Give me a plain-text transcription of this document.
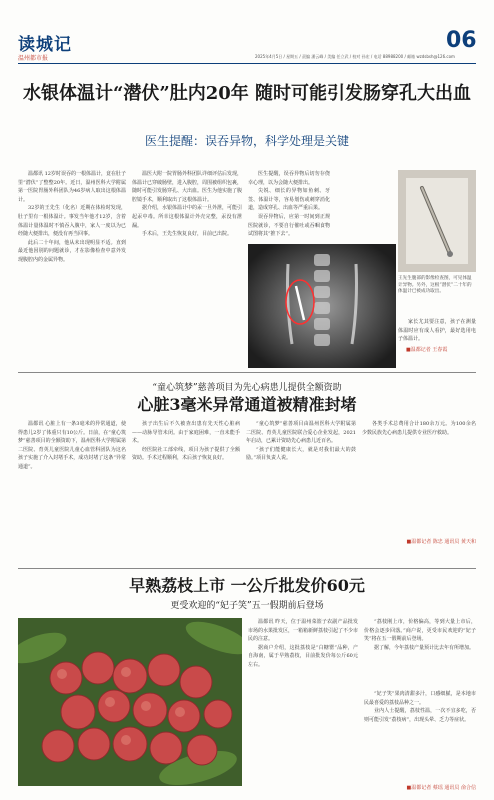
读城记
温州都市报
06
2025年4月5日 / 星期五 / 责编 潘云峰 / 美编 任立武 / 校对 孙宏 / 电话 88988200 / 邮箱 wzdsbsh@126.com
水银体温计“潜伏”肚内20年 随时可能引发肠穿孔大出血
医生提醒：误吞异物，科学处理是关键

温都讯 12岁时误吞的一根体温计，竟在肚子里“潜伏”了整整20年。近日，温州医科大学附属第一医院胃肠外科团队为46岁病人取出这根体温计。

32岁的王先生（化名）近期在体检时发现，肚子里有一根体温计。事发当年他才12岁，含着体温计量体温时不慎吞入腹中，家人一度以为已经随大便排出，便没有再当回事。

此后二十年间，他从未出现明显不适。直到最近他因别的问题就诊，才在影像检查中意外发现腹腔内的金属异物。

温医大附一院胃肠外科团队详细评估后发现，体温计已穿破肠壁，进入腹腔，周围被组织包裹，随时可能引发肠穿孔、大出血。医生为他实施了腹腔镜手术，顺利取出了这根体温计。

据介绍，水银体温计中的汞一旦外泄，可能引起汞中毒。所幸这根体温计外壳完整，汞没有泄漏。

手术后，王先生恢复良好，目前已出院。

医生提醒，误吞异物后切勿存侥幸心理，以为会随大便排出。

尖锐、细长的异物如鱼刺、牙签、体温计等，容易划伤或刺穿消化道，造成穿孔、出血等严重后果。

误吞异物后，应第一时间到正规医院就诊，不要自行催吐或吞咽食物试图将其“推下去”。

王先生腹部的影像检查图，可见体温计异物。另外，这根“潜伏”二十年的体温计已被成功取出。

家长尤其要注意，孩子在测量体温时应有成人看护，最好选用电子体温计。

■温都记者 王春霞
“童心筑梦”慈善项目为先心病患儿提供全额资助
心脏3毫米异常通道被精准封堵

温都讯 心脏上有一条3毫米的异常通道，使得患儿2岁了体重只有10公斤。日前，在“童心筑梦”慈善项目的全额资助下，温州医科大学附属第二医院、育英儿童医院儿童心血管科团队为这名孩子实施了介入封堵手术，成功封堵了这条“异常通道”。

孩子出生后不久被查出患有先天性心脏病——动脉导管未闭。由于家庭困难，一直未能手术。

经医院社工部牵线，项目为孩子提供了全额资助。手术过程顺利，术后孩子恢复良好。

“童心筑梦”慈善项目由温州医科大学附属第二医院、育英儿童医院联合爱心企业发起，2021年启动，已累计资助先心病患儿近百名。

“孩子们能健康长大，就是对我们最大的鼓励。”项目负责人说。

各类手术总费用合计180余万元。为100余名少数民族先心病患儿提供专业医疗救助。

■温都记者 陈忠 通讯员 黄天和
早熟荔枝上市 一公斤批发价60元
更受欢迎的“妃子笑”五一假期前后登场

温都讯 昨天，位于温州菜篮子农副产品批发市场的水果批发区，一箱箱新鲜荔枝引起了不少市民的注意。

据商户介绍，这批荔枝是“白糖罂”品种，产自海南，属于早熟荔枝，目前批发价每公斤60元左右。

“荔枝刚上市，价格偏高，等到大量上市后，价格会逐步回落。”商户说，更受市民欢迎的“妃子笑”将在五一假期前后登场。

据了解，今年荔枝产量预计比去年有所增加。

“妃子笑”果肉清甜多汁，口感细腻，是本地市民最喜爱的荔枝品种之一。

业内人士提醒，荔枝性温，一次不宜多吃，否则可能引发“荔枝病”，出现头晕、乏力等症状。

■温都记者 蔡瑶 通讯员 俞合信
